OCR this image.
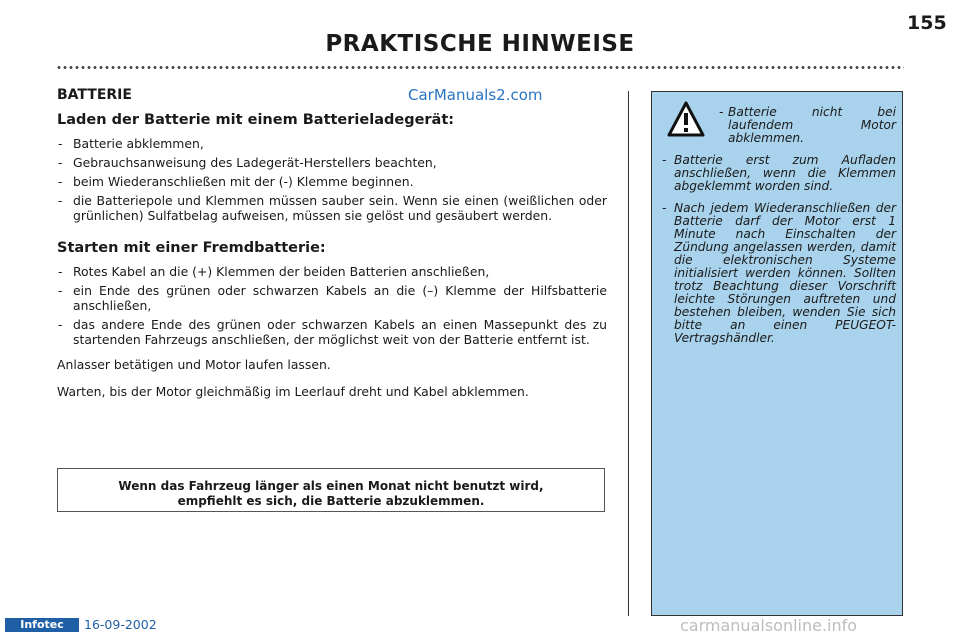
155
PRAKTISCHE HINWEISE
CarManuals2.com
BATTERIE
Laden der Batterie mit einem Batterieladegerät:
- Batterie abklemmen,
- Gebrauchsanweisung des Ladegerät-Herstellers beachten,
- beim Wiederanschließen mit der (-) Klemme beginnen.
- die Batteriepole und Klemmen müssen sauber sein. Wenn sie einen (weißlichen oder grünlichen) Sulfatbelag aufweisen, müssen sie gelöst und gesäubert werden.
Starten mit einer Fremdbatterie:
- Rotes Kabel an die (+) Klemmen der beiden Batterien anschließen,
- ein Ende des grünen oder schwarzen Kabels an die (–) Klemme der Hilfsbatterie anschließen,
- das andere Ende des grünen oder schwarzen Kabels an einen Massepunkt des zu startenden Fahrzeugs anschließen, der möglichst weit von der Batterie entfernt ist.

Anlasser betätigen und Motor laufen lassen.

Warten, bis der Motor gleichmäßig im Leerlauf dreht und Kabel abklemmen.

Wenn das Fahrzeug länger als einen Monat nicht benutzt wird,
empfiehlt es sich, die Batterie abzuklemmen.
- Batterie nicht bei laufendem Motor abklemmen.
- Batterie erst zum Aufladen anschließen, wenn die Klemmen abgeklemmt worden sind.
- Nach jedem Wiederanschließen der Batterie darf der Motor erst 1 Minute nach Einschalten der Zündung angelassen werden, damit die elektronischen Systeme initialisiert werden können. Sollten trotz Beachtung dieser Vorschrift leichte Störungen auftreten und bestehen bleiben, wenden Sie sich bitte an einen PEUGEOT-Vertragshändler.
Infotec	16-09-2002	carmanualsonline.info
